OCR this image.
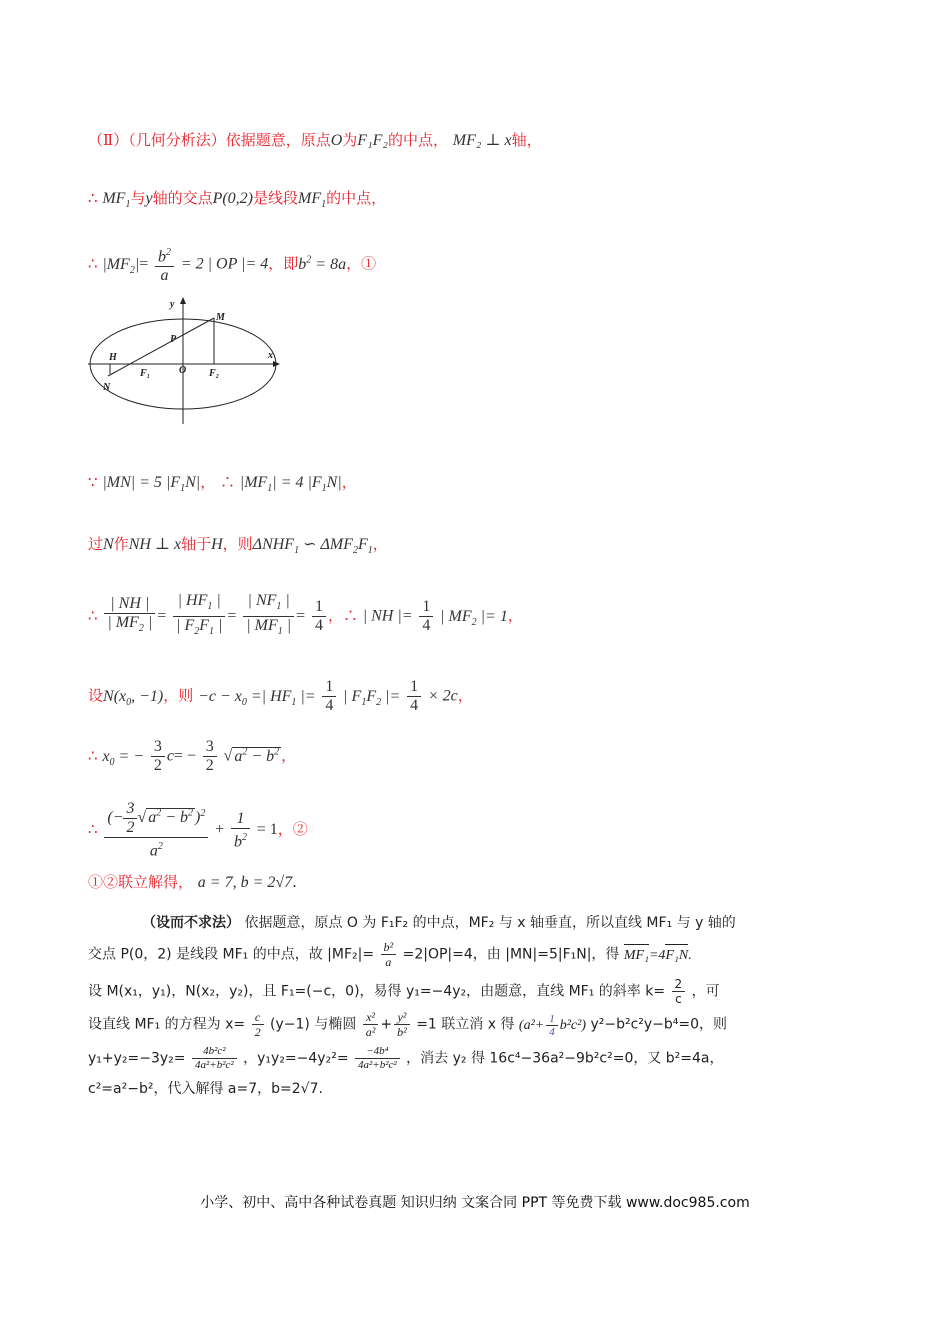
（Ⅱ）（几何分析法）依据题意，原点O为F₁F₂的中点， MF₂ ⊥ x轴，
∴ $MF_1$与y轴的交点P(0,2)是线段$MF_1$的中点，
∴ $|MF_2|= \frac{b^2}{a} = 2$ | OP |= 4，即$b^2 = 8a$，①
y
x
M
P
H
N
F₁	O F₂
∵ |MN| = 5 $|F_1N|$， ∴ $|MF_1| = 4$ $|F_1N|$，
过N作NH ⊥ x轴于H，则$\Delta NHF_1$ ∽ $\Delta MF_2F_1$，
∴ $\frac{| NH |}{| MF_2 |} = \frac{| HF_1 |}{| F_2F_1 |} = \frac{| NF_1 |}{| MF_1 |} = \frac{1}{4}$ ，∴ | NH |= $\frac{1}{4}$ | $MF_2$ |= 1，
设$N(x_0$, −1)，则 $-c - x_0$ =| $HF_1$ |= $\frac{1}{4}$ | $F_1F_2$ |= $\frac{1}{4} \times 2c$，
∴ $x_0$ = − $\frac{3}{2} c= - \frac{3}{2}$ √ $a^2 - b^2$ ，
∴ $\frac{(- \frac{3}{2} √ a^2 - b^2 )^2}{a^2} + \frac{1}{b^2} = 1$，②
①②联立解得， a = 7, b = 2√7.
（设而不求法） 依据题意，原点 O 为 F₁F₂ 的中点，MF₂ 与 x 轴垂直，所以直线 MF₁ 与 y 轴的
交点 P(0，2) 是线段 MF₁ 的中点，故 $|MF_2|= \frac{\text{b²}}{a} =2|OP|=4$，由 |MN|=5|F₁N|，得 MF₁=4F₁N.
设 M(x₁，y₁)，N(x₂，y₂)，且 F₁=(−c，0)，易得 y₁=−4y₂，由题意，直线 MF₁ 的斜率 $k= \frac{2}{c}$ ，可
设直线 MF₁ 的方程为 $x= \frac{c}{2} (y-1)$ 与椭圆 $\frac{\text{x²}}{\text{a²}} + \frac{\text{y²}}{\text{b²}} =1$ 联立消 x 得 $(a^2+ \frac{1}{4} b^2c^2)$ y²−b²c²y−b⁴=0，则
$y_1+y_2=-3y_2= \frac{\text{4b²c²}}{\text{4a²+b²c²}}$ ，$y_1y_2=-4y_2^2= \frac{\text{−4b⁴}}{\text{4a²+b²c²}}$ ，消去 y₂ 得 16c⁴−36a²−9b²c²=0，又 b²=4a，
c²=a²−b²，代入解得 a=7，b=2√7.
小学、初中、高中各种试卷真题 知识归纳 文案合同 PPT 等免费下载 www.doc985.com
